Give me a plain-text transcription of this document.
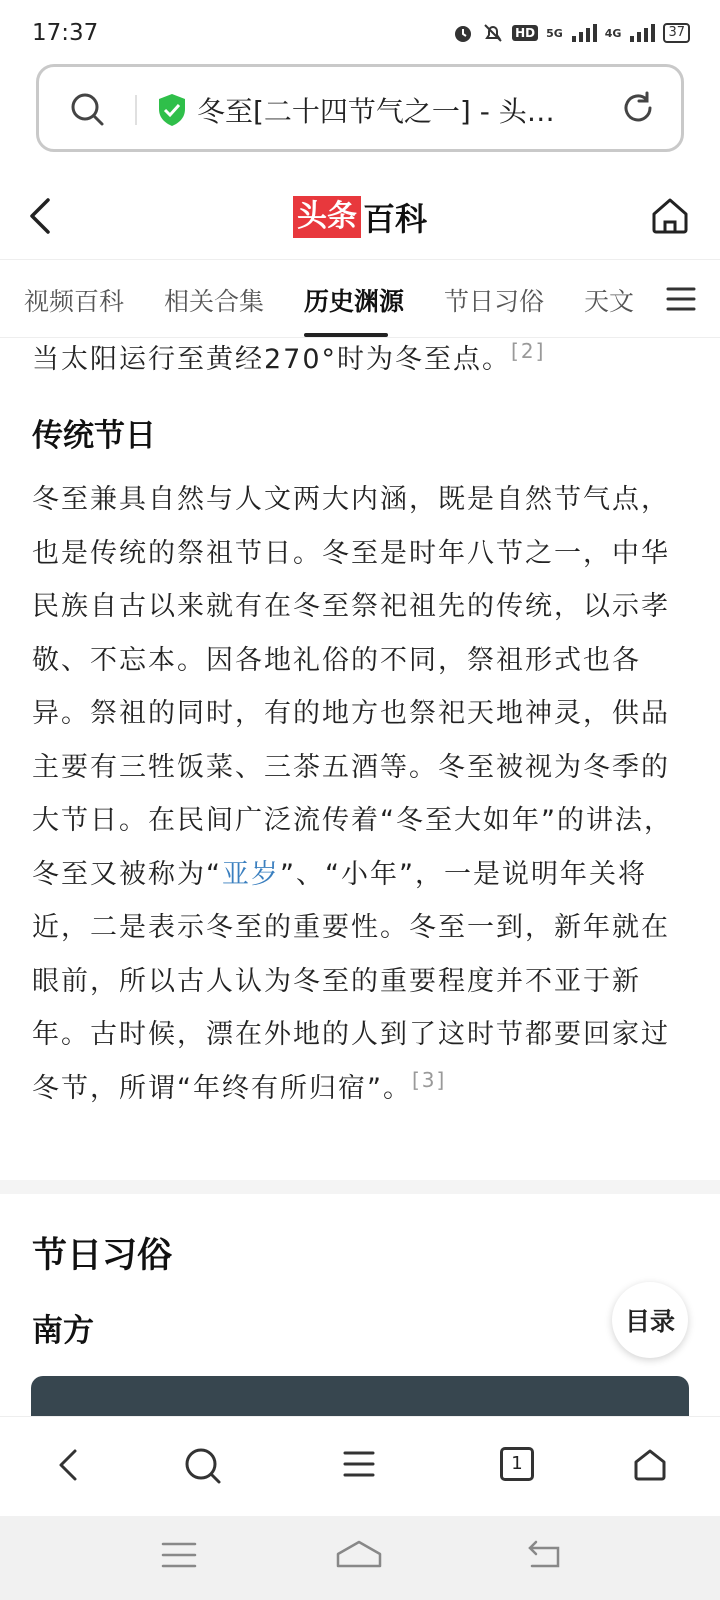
17:37	HD 5G	4G	37
冬至[二十四节气之一] - 头…
头条 百科
视频百科 相关合集 历史渊源 节日习俗 天文

当太阳运行至黄经270°时为冬至点。[2]

传统节日

冬至兼具自然与人文两大内涵，既是自然节气点，也是传统的祭祖节日。冬至是时年八节之一，中华民族自古以来就有在冬至祭祀祖先的传统，以示孝敬、不忘本。因各地礼俗的不同，祭祖形式也各异。祭祖的同时，有的地方也祭祀天地神灵，供品主要有三牲饭菜、三茶五酒等。冬至被视为冬季的大节日。在民间广泛流传着“冬至大如年”的讲法，冬至又被称为“亚岁”、“小年”，一是说明年关将近，二是表示冬至的重要性。冬至一到，新年就在眼前，所以古人认为冬至的重要程度并不亚于新年。古时候，漂在外地的人到了这时节都要回家过冬节，所谓“年终有所归宿”。[3]

节日习俗
南方	目录
1
